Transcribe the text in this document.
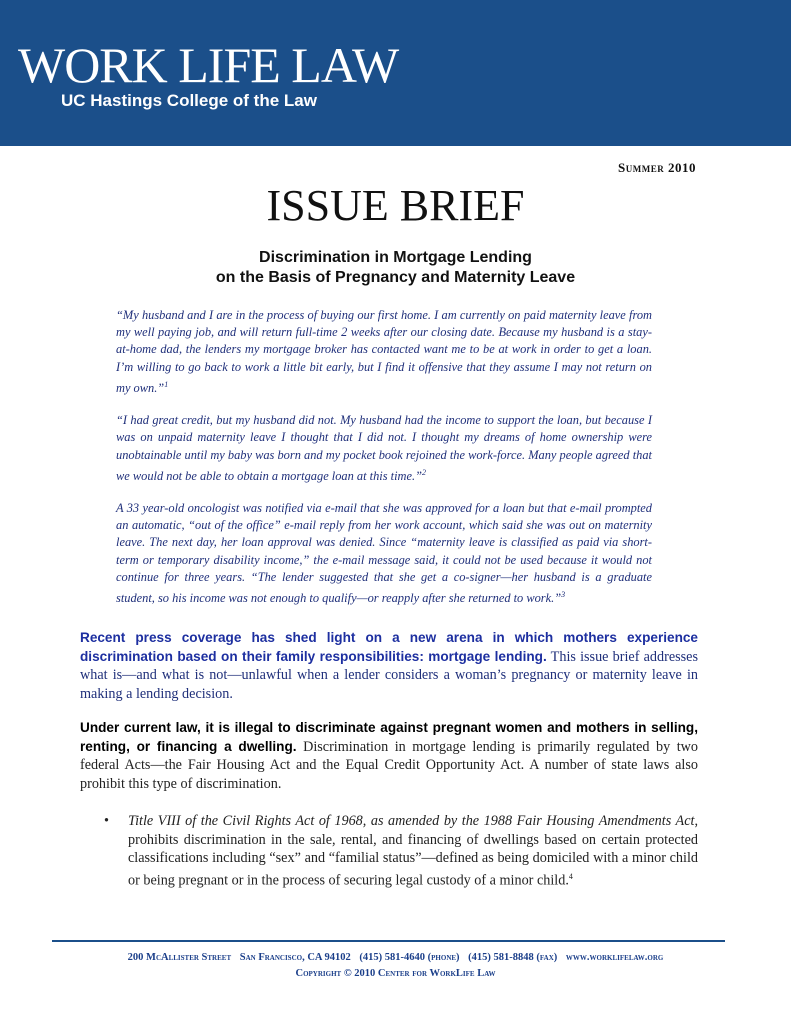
WORK LIFE LAW
UC Hastings College of the Law
Summer 2010
ISSUE BRIEF
Discrimination in Mortgage Lending
on the Basis of Pregnancy and Maternity Leave

“My husband and I are in the process of buying our first home. I am currently on paid maternity leave from my well paying job, and will return full-time 2 weeks after our closing date. Because my husband is a stay-at-home dad, the lenders my mortgage broker has contacted want me to be at work in order to get a loan. I’m willing to go back to work a little bit early, but I find it offensive that they assume I may not return on my own.”$^1$

“I had great credit, but my husband did not. My husband had the income to support the loan, but because I was on unpaid maternity leave I thought that I did not. I thought my dreams of home ownership were unobtainable until my baby was born and my pocket book rejoined the work-force. Many people agreed that we would not be able to obtain a mortgage loan at this time.”$^2$

A 33 year-old oncologist was notified via e-mail that she was approved for a loan but that e-mail prompted an automatic, “out of the office” e-mail reply from her work account, which said she was out on maternity leave. The next day, her loan approval was denied. Since “maternity leave is classified as paid via short-term or temporary disability income,” the e-mail message said, it could not be used because it would not continue for three years. “The lender suggested that she get a co-signer—her husband is a graduate student, so his income was not enough to qualify—or reapply after she returned to work.”$^3$

Recent press coverage has shed light on a new arena in which mothers experience discrimination based on their family responsibilities: mortgage lending. This issue brief addresses what is—and what is not—unlawful when a lender considers a woman’s pregnancy or maternity leave in making a lending decision.
Under current law, it is illegal to discriminate against pregnant women and mothers in selling, renting, or financing a dwelling. Discrimination in mortgage lending is primarily regulated by two federal Acts—the Fair Housing Act and the Equal Credit Opportunity Act. A number of state laws also prohibit this type of discrimination.
• Title VIII of the Civil Rights Act of 1968, as amended by the 1988 Fair Housing Amendments Act, prohibits discrimination in the sale, rental, and financing of dwellings based on certain protected classifications including “sex” and “familial status”—defined as being domiciled with a minor child or being pregnant or in the process of securing legal custody of a minor child.$^4$
200 McAllister Street San Francisco, CA 94102 (415) 581-4640 (phone) (415) 581-8848 (fax) www.worklifelaw.org
Copyright © 2010 Center for WorkLife Law
